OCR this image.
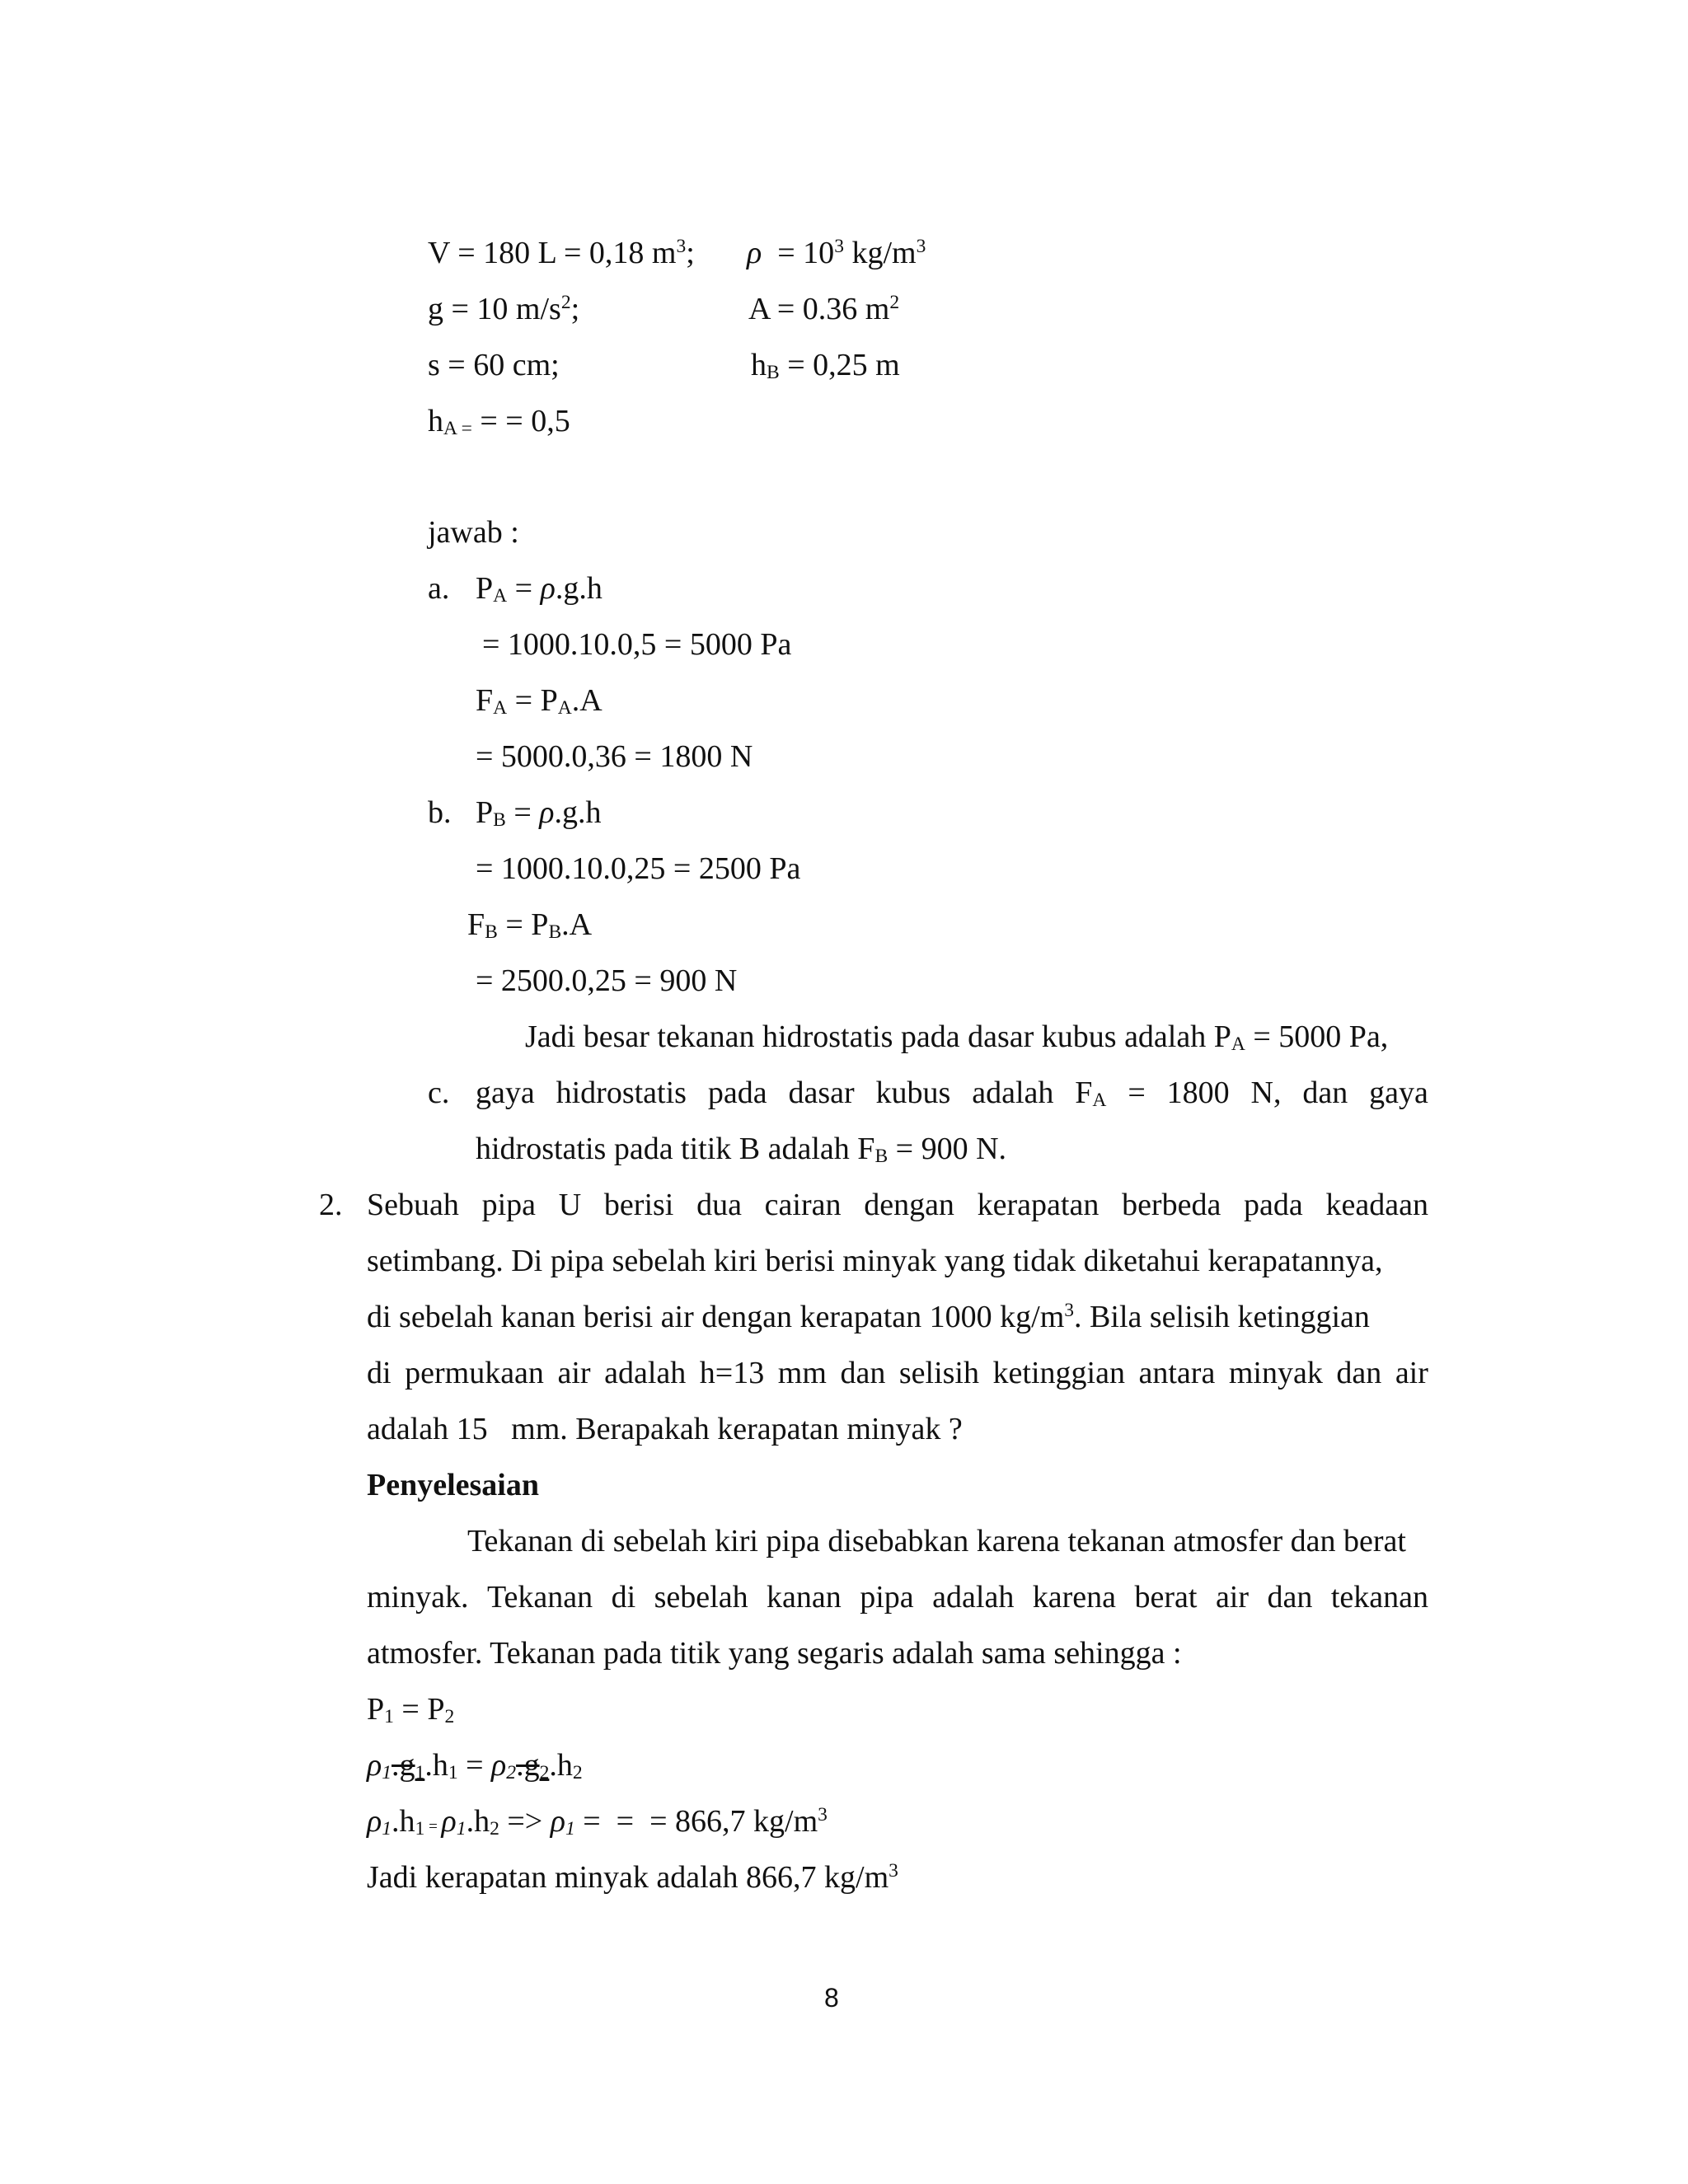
V = 180 L = 0,18 $m^3$; $\rho = 10^3$ $kg/m^3$
g = 10 $m/s^2$;	A = 0.36 $m^2$
s = 60 cm;	hB = 0,25 m
hA = = = 0,5
jawab :
a. PA = ρ.g.h
= 1000.10.0,5 = 5000 Pa
FA = PA.A
= 5000.0,36 = 1800 N
b. PB = ρ.g.h
= 1000.10.0,25 = 2500 Pa
FB = PB.A
= 2500.0,25 = 900 N
Jadi besar tekanan hidrostatis pada dasar kubus adalah PA = 5000 Pa,
c. gaya hidrostatis pada dasar kubus adalah FA = 1800 N, dan gaya
hidrostatis pada titik B adalah FB = 900 N.
2. Sebuah pipa U berisi dua cairan dengan kerapatan berbeda pada keadaan
setimbang. Di pipa sebelah kiri berisi minyak yang tidak diketahui kerapatannya,
di sebelah kanan berisi air dengan kerapatan 1000 $kg/m^3$. Bila selisih ketinggian
di permukaan air adalah h=13 mm dan selisih ketinggian antara minyak dan air
adalah 15   mm. Berapakah kerapatan minyak ?
Penyelesaian
Tekanan di sebelah kiri pipa disebabkan karena tekanan atmosfer dan berat
minyak. Tekanan di sebelah kanan pipa adalah karena berat air dan tekanan
atmosfer. Tekanan pada titik yang segaris adalah sama sehingga :
P1 = P2
ρ1.g1.h1 = ρ2.g2.h2
ρ1.h1 = ρ1.h2 => ρ1 =  =  = 866,7 $kg/m^3$
Jadi kerapatan minyak adalah 866,7 $kg/m^3$
8
